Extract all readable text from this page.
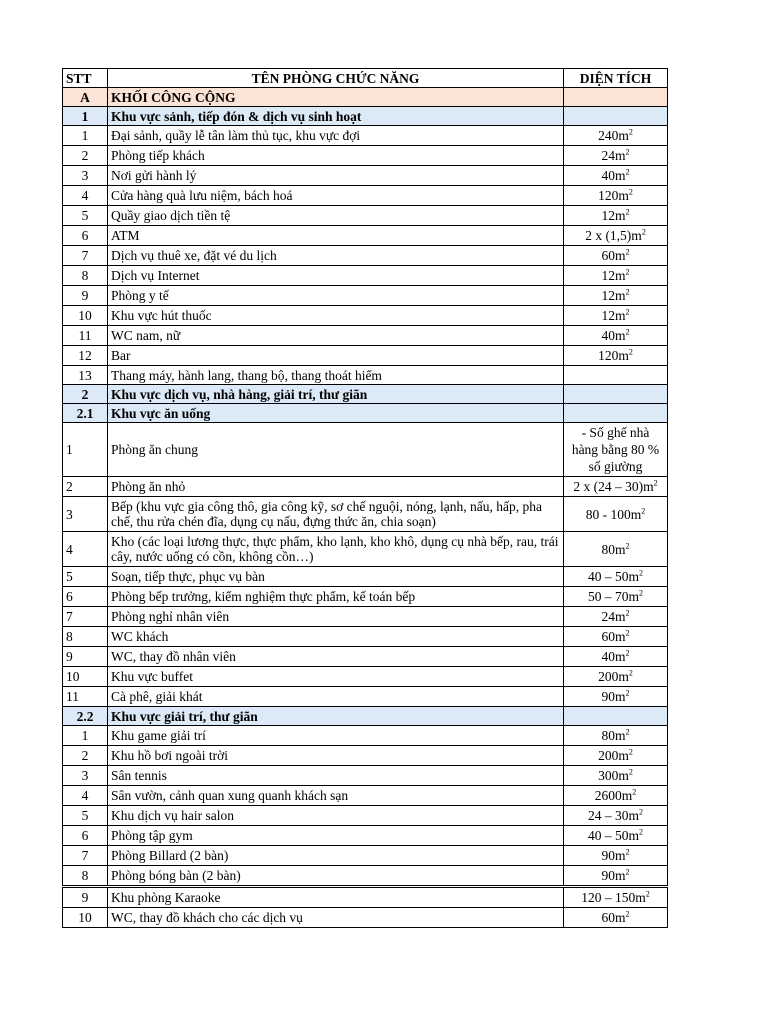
STT	TÊN PHÒNG CHỨC NĂNG	DIỆN TÍCH
A	KHỐI CÔNG CỘNG	
1	Khu vực sảnh, tiếp đón & dịch vụ sinh hoạt	
1	Đại sảnh, quầy lễ tân làm thủ tục, khu vực đợi	$240m^2$
2	Phòng tiếp khách	$24m^2$
3	Nơi gửi hành lý	$40m^2$
4	Cửa hàng quà lưu niệm, bách hoá	$120m^2$
5	Quầy giao dịch tiền tệ	$12m^2$
6	ATM	2 x $(1,5)m^2$
7	Dịch vụ thuê xe, đặt vé du lịch	$60m^2$
8	Dịch vụ Internet	$12m^2$
9	Phòng y tế	$12m^2$
10	Khu vực hút thuốc	$12m^2$
11	WC nam, nữ	$40m^2$
12	Bar	$120m^2$
13	Thang máy, hành lang, thang bộ, thang thoát hiểm	
2	Khu vực dịch vụ, nhà hàng, giải trí, thư giãn	
2.1	Khu vực ăn uống	
1	Phòng ăn chung	- Số ghế nhà hàng bằng 80 % số giường
2	Phòng ăn nhỏ	2 x $(24 - 30)m^2$
3	Bếp (khu vực gia công thô, gia công kỹ, sơ chế nguội, nóng, lạnh, nấu, hấp, pha chế, thu rửa chén đĩa, dụng cụ nấu, đựng thức ăn, chia soạn)	$80 - 100m^2$
4	Kho (các loại lương thực, thực phẩm, kho lạnh, kho khô, dụng cụ nhà bếp, rau, trái cây, nước uống có cồn, không cồn…)	$80m^2$
5	Soạn, tiếp thực, phục vụ bàn	$40 - 50m^2$
6	Phòng bếp trưởng, kiểm nghiệm thực phẩm, kế toán bếp	$50 - 70m^2$
7	Phòng nghỉ nhân viên	$24m^2$
8	WC khách	$60m^2$
9	WC, thay đồ nhân viên	$40m^2$
10	Khu vực buffet	$200m^2$
11	Cà phê, giải khát	$90m^2$
2.2	Khu vực giải trí, thư giãn	
1	Khu game giải trí	$80m^2$
2	Khu hồ bơi ngoài trời	$200m^2$
3	Sân tennis	$300m^2$
4	Sân vườn, cảnh quan xung quanh khách sạn	$2600m^2$
5	Khu dịch vụ hair salon	$24 - 30m^2$
6	Phòng tập gym	$40 - 50m^2$
7	Phòng Billard (2 bàn)	$90m^2$
8	Phòng bóng bàn (2 bàn)	$90m^2$
9	Khu phòng Karaoke	$120 - 150m^2$
10	WC, thay đồ khách cho các dịch vụ	$60m^2$
